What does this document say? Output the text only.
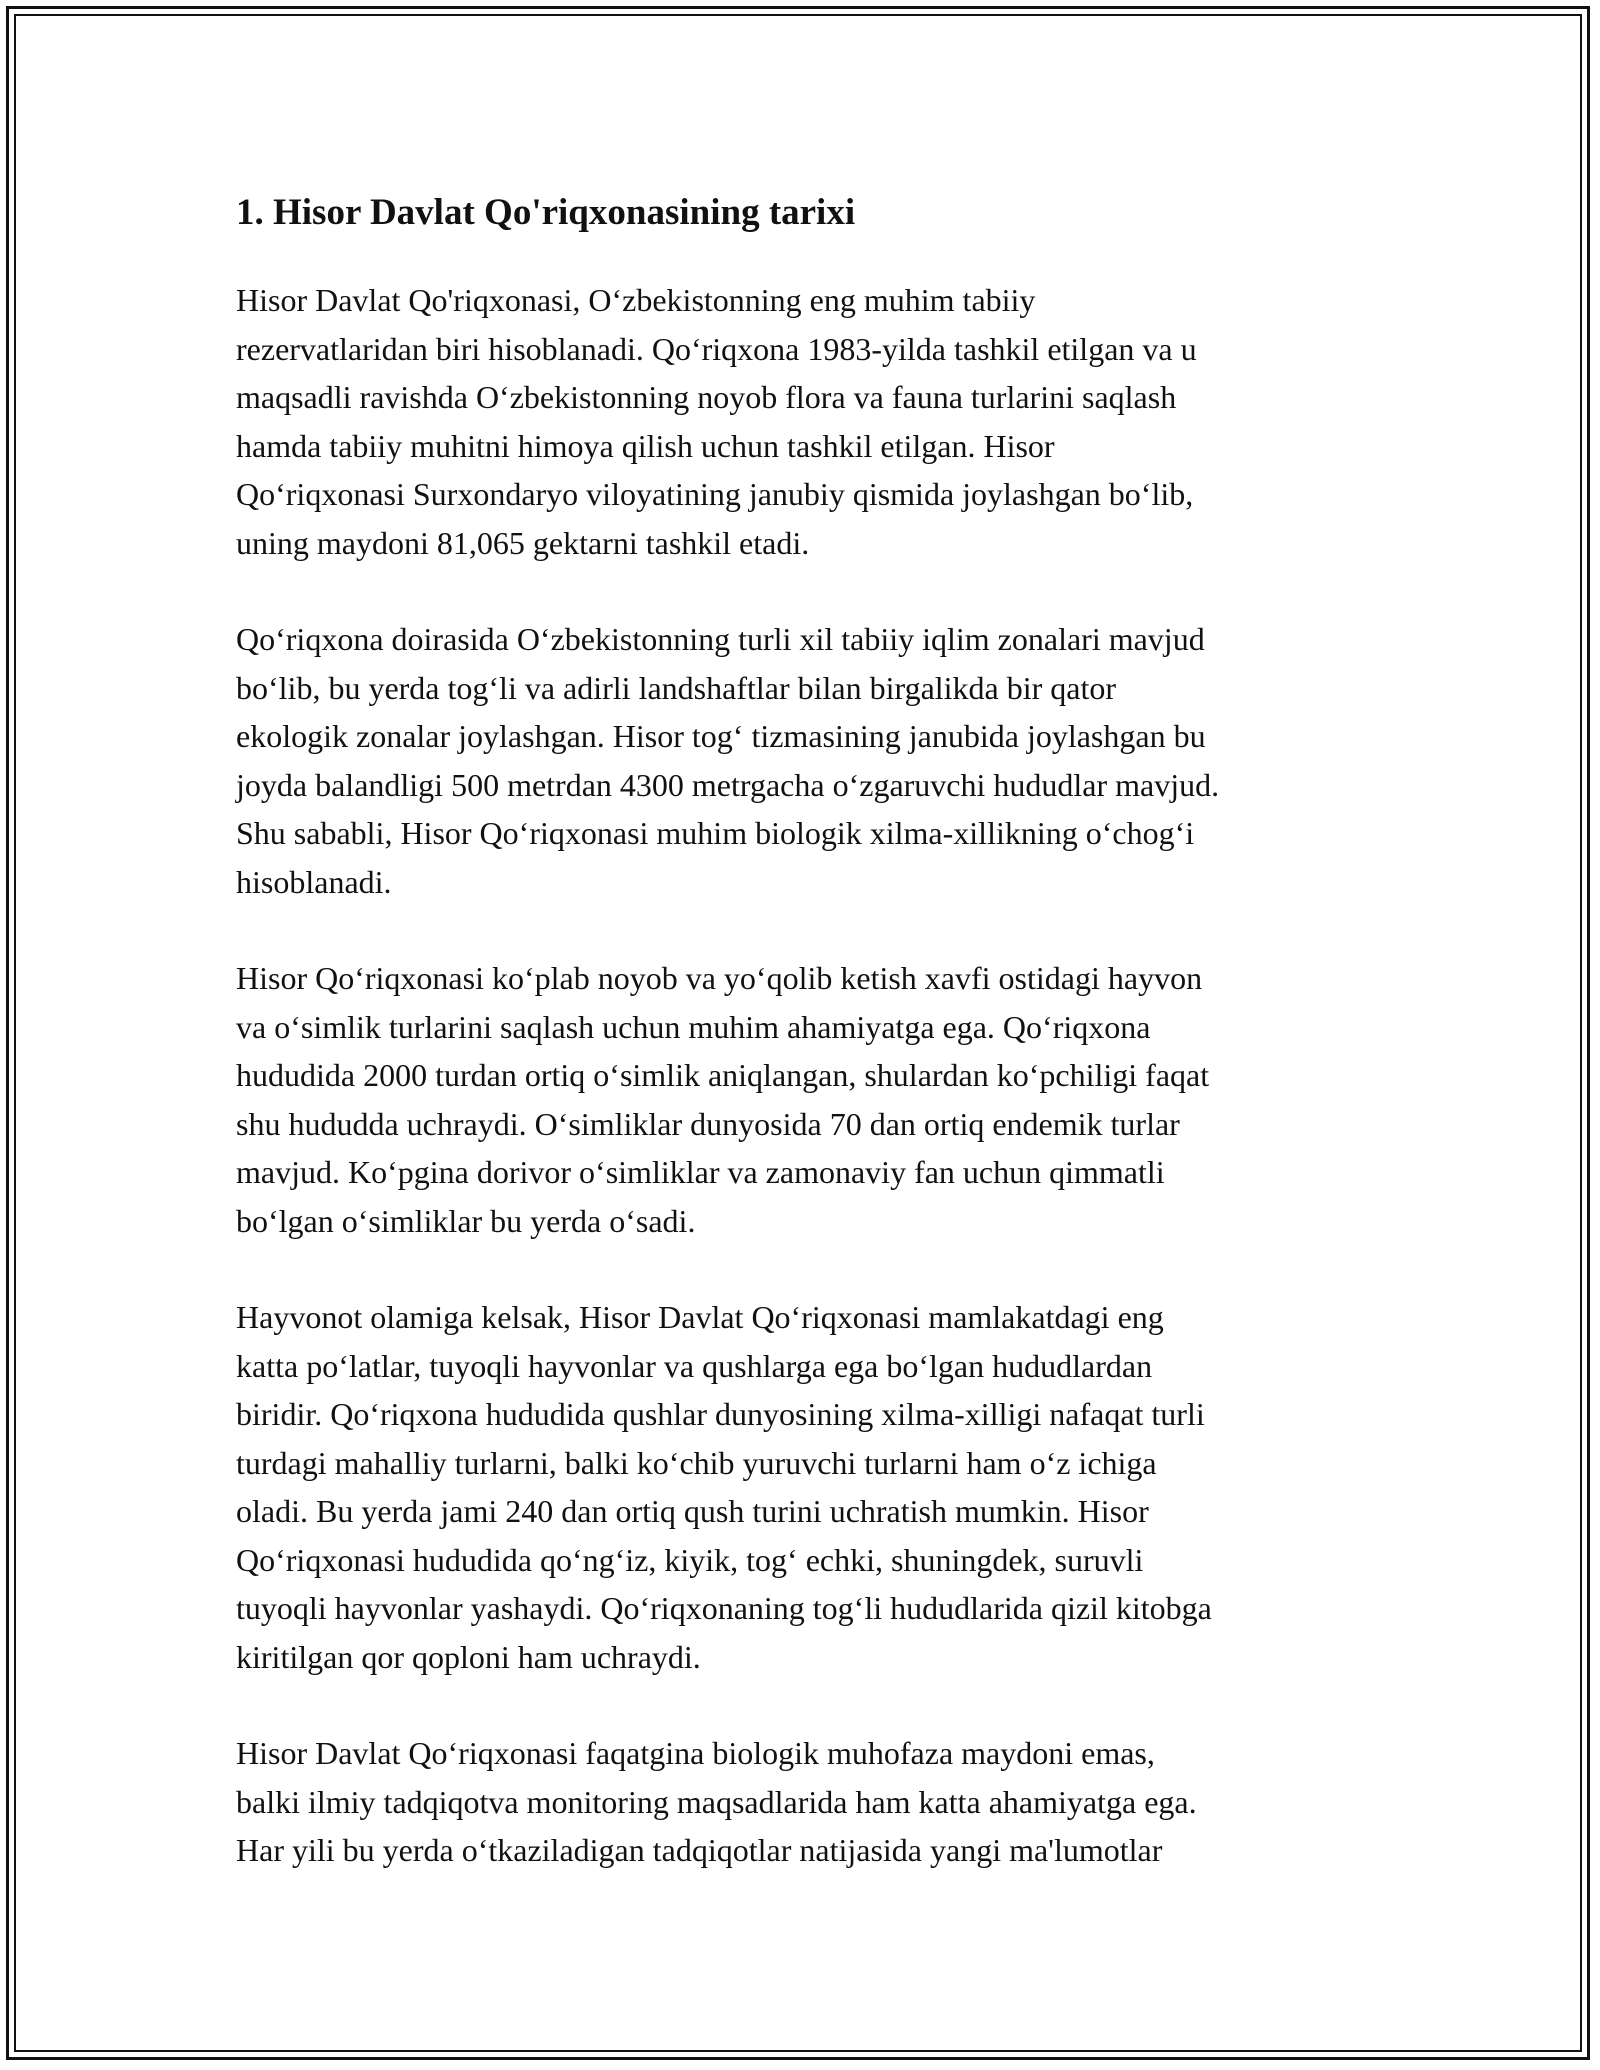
1. Hisor Davlat Qo'riqxonasining tarixi

Hisor Davlat Qo'riqxonasi, O‘zbekistonning eng muhim tabiiy
rezervatlaridan biri hisoblanadi. Qo‘riqxona 1983-yilda tashkil etilgan va u
maqsadli ravishda O‘zbekistonning noyob flora va fauna turlarini saqlash
hamda tabiiy muhitni himoya qilish uchun tashkil etilgan. Hisor
Qo‘riqxonasi Surxondaryo viloyatining janubiy qismida joylashgan bo‘lib,
uning maydoni 81,065 gektarni tashkil etadi.

Qo‘riqxona doirasida O‘zbekistonning turli xil tabiiy iqlim zonalari mavjud
bo‘lib, bu yerda tog‘li va adirli landshaftlar bilan birgalikda bir qator
ekologik zonalar joylashgan. Hisor tog‘ tizmasining janubida joylashgan bu
joyda balandligi 500 metrdan 4300 metrgacha o‘zgaruvchi hududlar mavjud.
Shu sababli, Hisor Qo‘riqxonasi muhim biologik xilma-xillikning o‘chog‘i
hisoblanadi.

Hisor Qo‘riqxonasi ko‘plab noyob va yo‘qolib ketish xavfi ostidagi hayvon
va o‘simlik turlarini saqlash uchun muhim ahamiyatga ega. Qo‘riqxona
hududida 2000 turdan ortiq o‘simlik aniqlangan, shulardan ko‘pchiligi faqat
shu hududda uchraydi. O‘simliklar dunyosida 70 dan ortiq endemik turlar
mavjud. Ko‘pgina dorivor o‘simliklar va zamonaviy fan uchun qimmatli
bo‘lgan o‘simliklar bu yerda o‘sadi.

Hayvonot olamiga kelsak, Hisor Davlat Qo‘riqxonasi mamlakatdagi eng
katta po‘latlar, tuyoqli hayvonlar va qushlarga ega bo‘lgan hududlardan
biridir. Qo‘riqxona hududida qushlar dunyosining xilma-xilligi nafaqat turli
turdagi mahalliy turlarni, balki ko‘chib yuruvchi turlarni ham o‘z ichiga
oladi. Bu yerda jami 240 dan ortiq qush turini uchratish mumkin. Hisor
Qo‘riqxonasi hududida qo‘ng‘iz, kiyik, tog‘ echki, shuningdek, suruvli
tuyoqli hayvonlar yashaydi. Qo‘riqxonaning tog‘li hududlarida qizil kitobga
kiritilgan qor qoploni ham uchraydi.

Hisor Davlat Qo‘riqxonasi faqatgina biologik muhofaza maydoni emas,
balki ilmiy tadqiqotva monitoring maqsadlarida ham katta ahamiyatga ega.
Har yili bu yerda o‘tkaziladigan tadqiqotlar natijasida yangi ma'lumotlar
